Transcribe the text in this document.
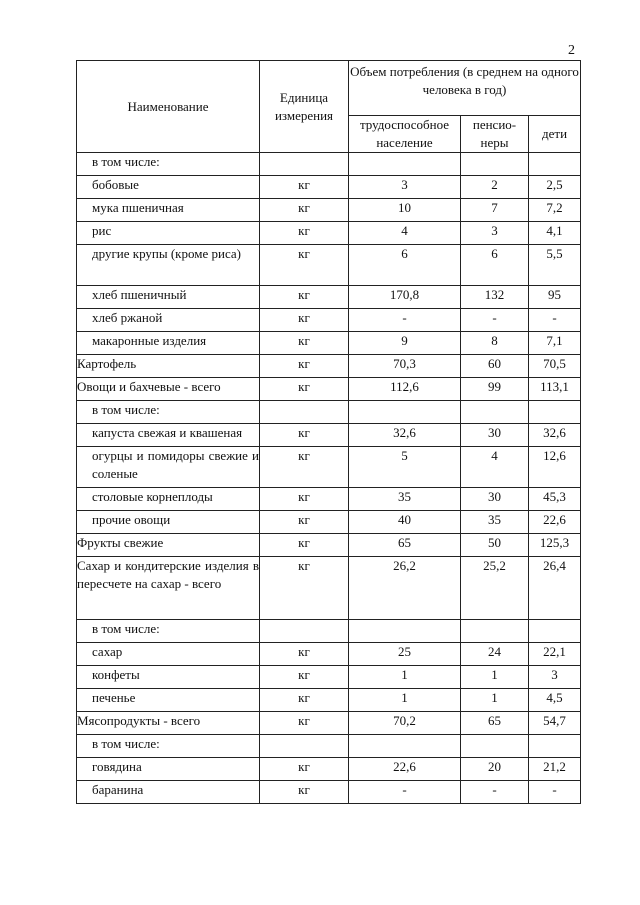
2
Наименование	Единица измерения	Объем потребления (в среднем на одного человека в год)		
		трудоспособное население	пенсио-неры	дети
в том числе:				
бобовые	кг	3	2	2,5
мука пшеничная	кг	10	7	7,2
рис	кг	4	3	4,1
другие крупы (кроме риса)	кг	6	6	5,5
хлеб пшеничный	кг	170,8	132	95
хлеб ржаной	кг	-	-	-
макаронные изделия	кг	9	8	7,1
Картофель	кг	70,3	60	70,5
Овощи и бахчевые - всего	кг	112,6	99	113,1
в том числе:				
капуста свежая и квашеная	кг	32,6	30	32,6
огурцы и помидоры свежие и соленые	кг	5	4	12,6
столовые корнеплоды	кг	35	30	45,3
прочие овощи	кг	40	35	22,6
Фрукты свежие	кг	65	50	125,3
Сахар и кондитерские изделия в пересчете на сахар - всего	кг	26,2	25,2	26,4
в том числе:				
сахар	кг	25	24	22,1
конфеты	кг	1	1	3
печенье	кг	1	1	4,5
Мясопродукты - всего	кг	70,2	65	54,7
в том числе:				
говядина	кг	22,6	20	21,2
баранина	кг	-	-	-
